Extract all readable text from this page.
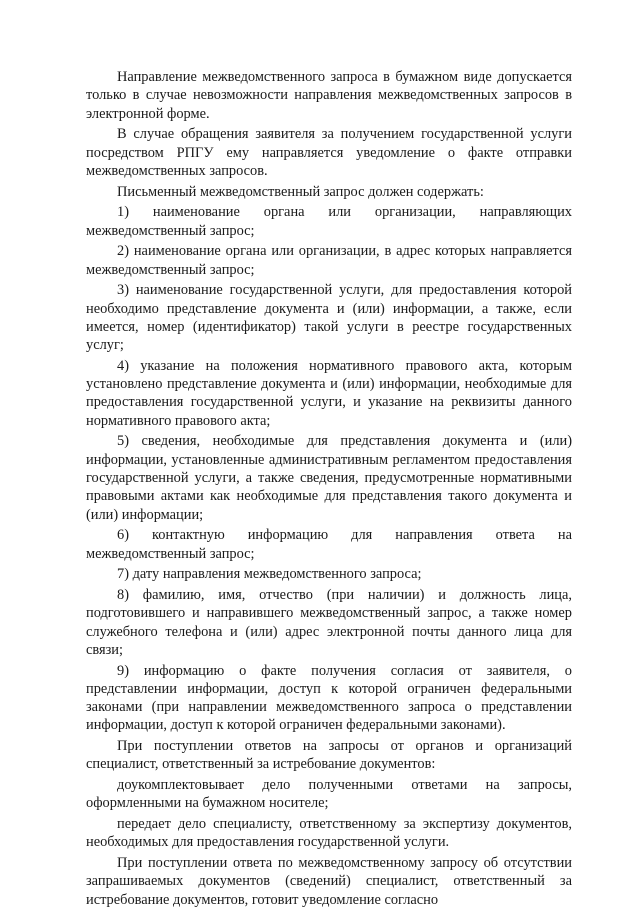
Направление межведомственного запроса в бумажном виде допускается только в случае невозможности направления межведомственных запросов в электронной форме.

В случае обращения заявителя за получением государственной услуги посредством РПГУ ему направляется уведомление о факте отправки межведомственных запросов.

Письменный межведомственный запрос должен содержать:

1) наименование органа или организации, направляющих межведомственный запрос;

2) наименование органа или организации, в адрес которых направляется межведомственный запрос;

3) наименование государственной услуги, для предоставления которой необходимо представление документа и (или) информации, а также, если имеется, номер (идентификатор) такой услуги в реестре государственных услуг;

4) указание на положения нормативного правового акта, которым установлено представление документа и (или) информации, необходимые для предоставления государственной услуги, и указание на реквизиты данного нормативного правового акта;

5) сведения, необходимые для представления документа и (или) информации, установленные административным регламентом предоставления государственной услуги, а также сведения, предусмотренные нормативными правовыми актами как необходимые для представления такого документа и (или) информации;

6) контактную информацию для направления ответа на межведомственный запрос;

7) дату направления межведомственного запроса;

8) фамилию, имя, отчество (при наличии) и должность лица, подготовившего и направившего межведомственный запрос, а также номер служебного телефона и (или) адрес электронной почты данного лица для связи;

9) информацию о факте получения согласия от заявителя, о представлении информации, доступ к которой ограничен федеральными законами (при направлении межведомственного запроса о представлении информации, доступ к которой ограничен федеральными законами).

При поступлении ответов на запросы от органов и организаций специалист, ответственный за истребование документов:

доукомплектовывает дело полученными ответами на запросы, оформленными на бумажном носителе;

передает дело специалисту, ответственному за экспертизу документов, необходимых для предоставления государственной услуги.

При поступлении ответа по межведомственному запросу об отсутствии запрашиваемых документов (сведений) специалист, ответственный за истребование документов, готовит уведомление согласно
